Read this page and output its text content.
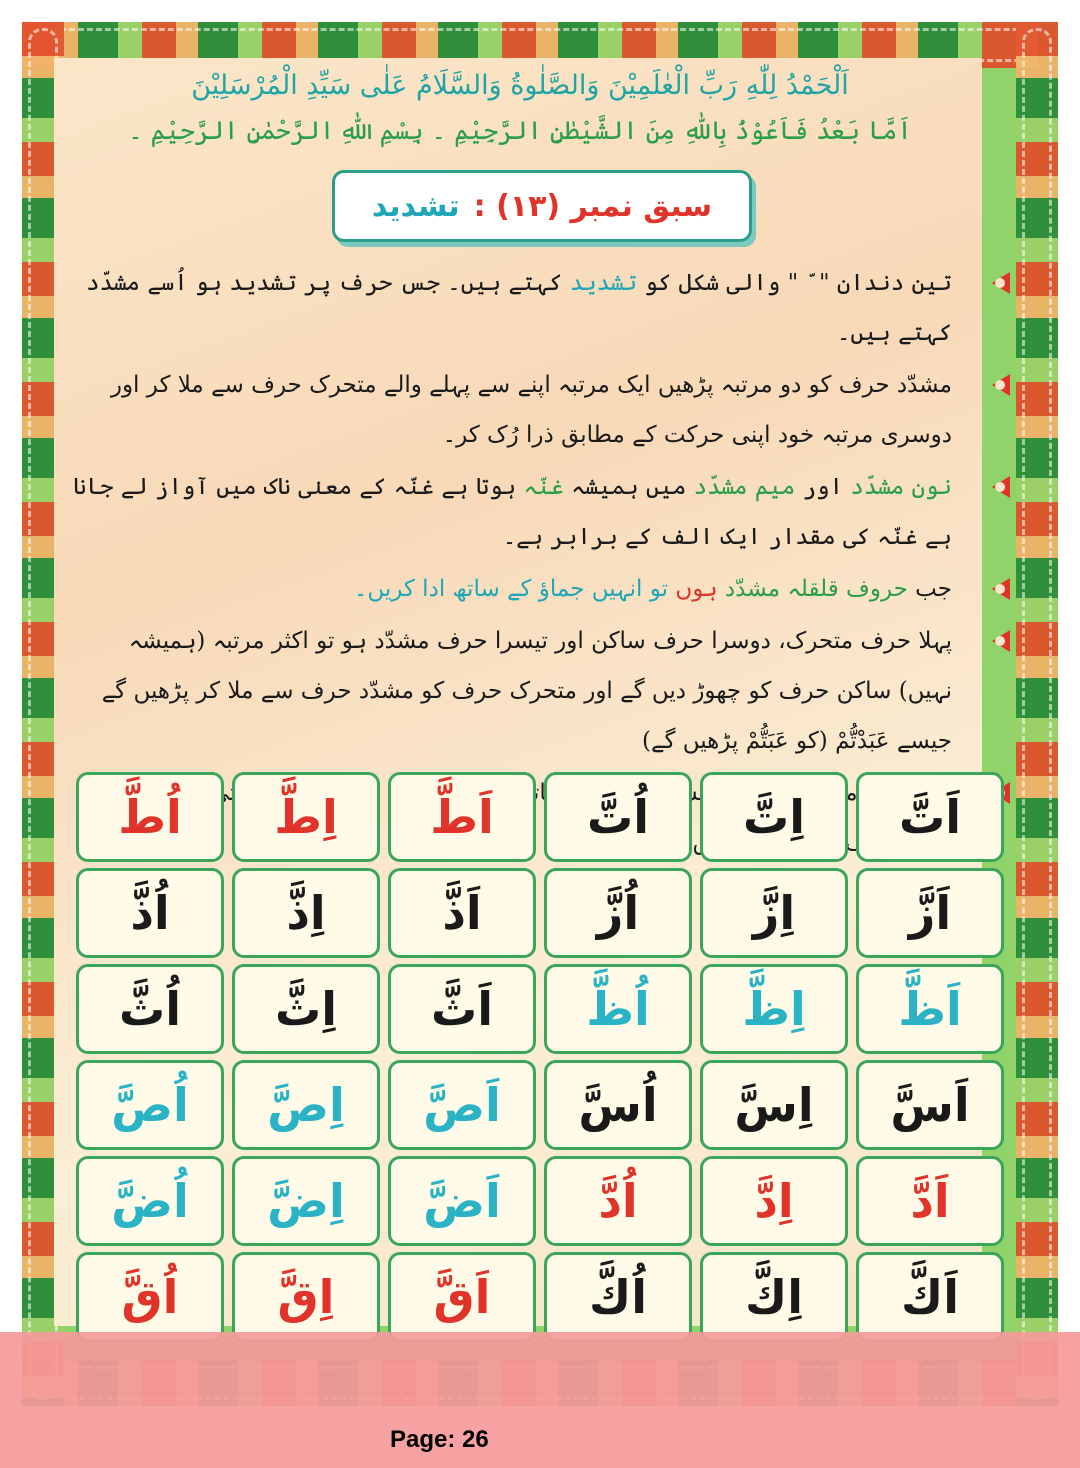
اَلْحَمْدُ لِلّٰهِ رَبِّ الْعٰلَمِيْنَ وَالصَّلٰوةُ وَالسَّلَامُ عَلٰى سَيِّدِ الْمُرْسَلِيْنَ
اَمَّا بَعْدُ فَاَعُوْذُ بِاللّٰهِ مِنَ الشَّيْطٰنِ الرَّجِيْمِ ۔ بِسْمِ اللّٰهِ الرَّحْمٰنِ الرَّحِيْمِ ۔
سبق نمبر (۱۳) :
تشدید
تین دندان " ّ " والی شکل کو تشدید کہتے ہیں۔ جس حرف پر تشدید ہو اُسے مشدّد کہتے ہیں۔
مشدّد حرف کو دو مرتبہ پڑھیں ایک مرتبہ اپنے سے پہلے والے متحرک حرف سے ملا کر اور دوسری مرتبہ خود اپنی حرکت کے مطابق ذرا رُک کر۔
نون مشدّد اور میم مشدّد میں ہمیشہ غنّہ ہوتا ہے غنّہ کے معنٰی ناک میں آواز لے جانا ہے غنّہ کی مقدار ایک الف کے برابر ہے۔
جب حروف قلقلہ مشدّد ہوں تو انہیں جماؤ کے ساتھ ادا کریں۔
پہلا حرف متحرک، دوسرا حرف ساکن اور تیسرا حرف مشدّد ہو تو اکثر مرتبہ (ہمیشہ نہیں) ساکن حرف کو چھوڑ دیں گے اور متحرک حرف کو مشدّد حرف سے ملا کر پڑھیں گے جیسے عَبَدْتُّمْ (کو عَبَتُّمْ پڑھیں گے)
ساتھ	اَتَّ
اِتَّ
اُتَّ
اَطَّ
اِطَّ
اُطَّ
اَزَّ
اِزَّ
اُزَّ
اَذَّ
اِذَّ
اُذَّ
اَظَّ
اِظَّ
اُظَّ
اَثَّ
اِثَّ
اُثَّ
اَسَّ
اِسَّ
اُسَّ
اَصَّ
اِصَّ
اُصَّ
اَدَّ
اِدَّ
اُدَّ
اَضَّ
اِضَّ
اُضَّ
اَكَّ
اِكَّ
اُكَّ
اَقَّ
اِقَّ
اُقَّ
Page: 26
